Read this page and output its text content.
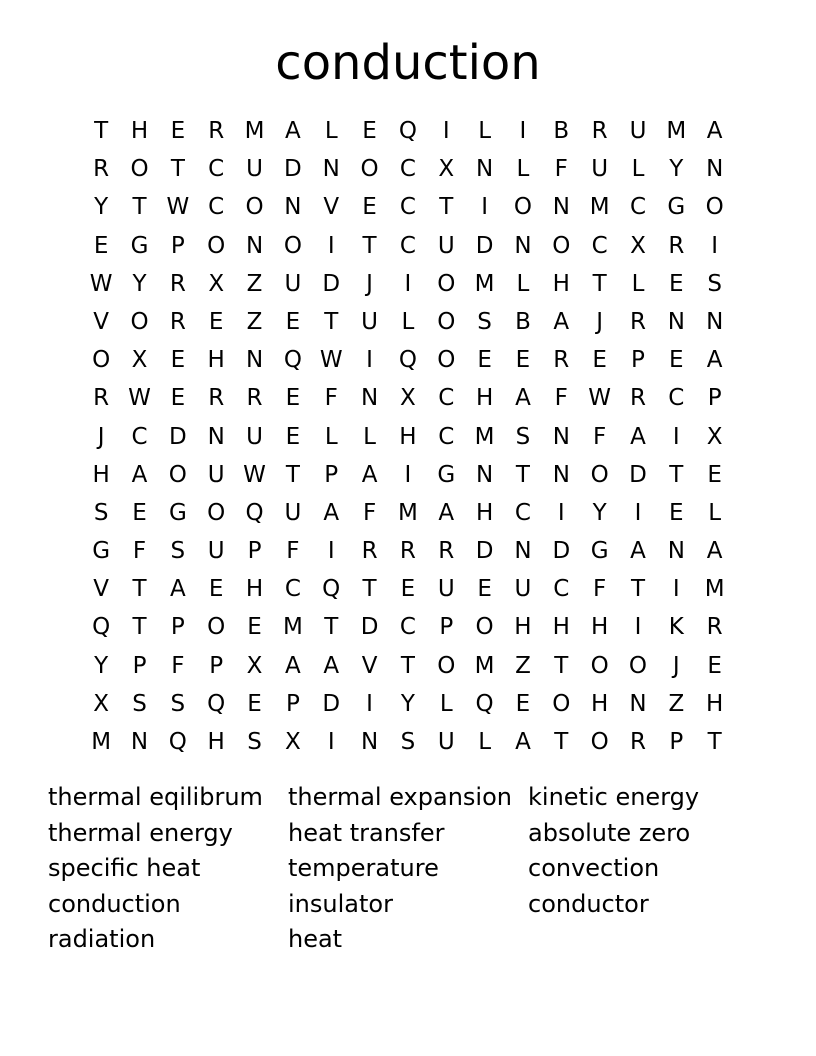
conduction
T H E	R M A	L	E Q	I	L	I	B R U M A
R O T	C U D N O C X N	L	F	U	L	Y N
Y	T W C O N V	E	C	T	I	O N M C G O
E G P O N O	I	T	C U D N O C X R	I
W Y	R X Z U D	J	I	O M L	H T	L	E	S
V O R	E	Z	E	T U	L O S	B A	J	R N N
O X	E H N Q W	I	Q O E	E	R	E	P	E	A
R W E	R R	E	F	N X C H A	F W R C	P
J	C D N U E	L	L	H C M S N	F	A	I	X
H A O U W T	P	A	I	G N T N O D T	E
S	E G O Q U A	F M A H C	I	Y	I	E	L
G F	S U P	F	I	R R R D N D G A N A
V	T	A	E H C Q T	E U E U C	F	T	I	M
Q T	P O E M T D C	P O H H H	I	K R
Y	P	F	P	X A A V	T O M Z	T O O	J	E
X	S	S Q E	P D	I	Y	L Q E O H N Z H
M N Q H S	X	I	N S U	L	A	T O R	P	T
thermal eqilibrum
thermal energy
specific heat
conduction
radiation
thermal expansion
heat transfer
temperature
insulator
heat
kinetic energy
absolute zero
convection
conductor
